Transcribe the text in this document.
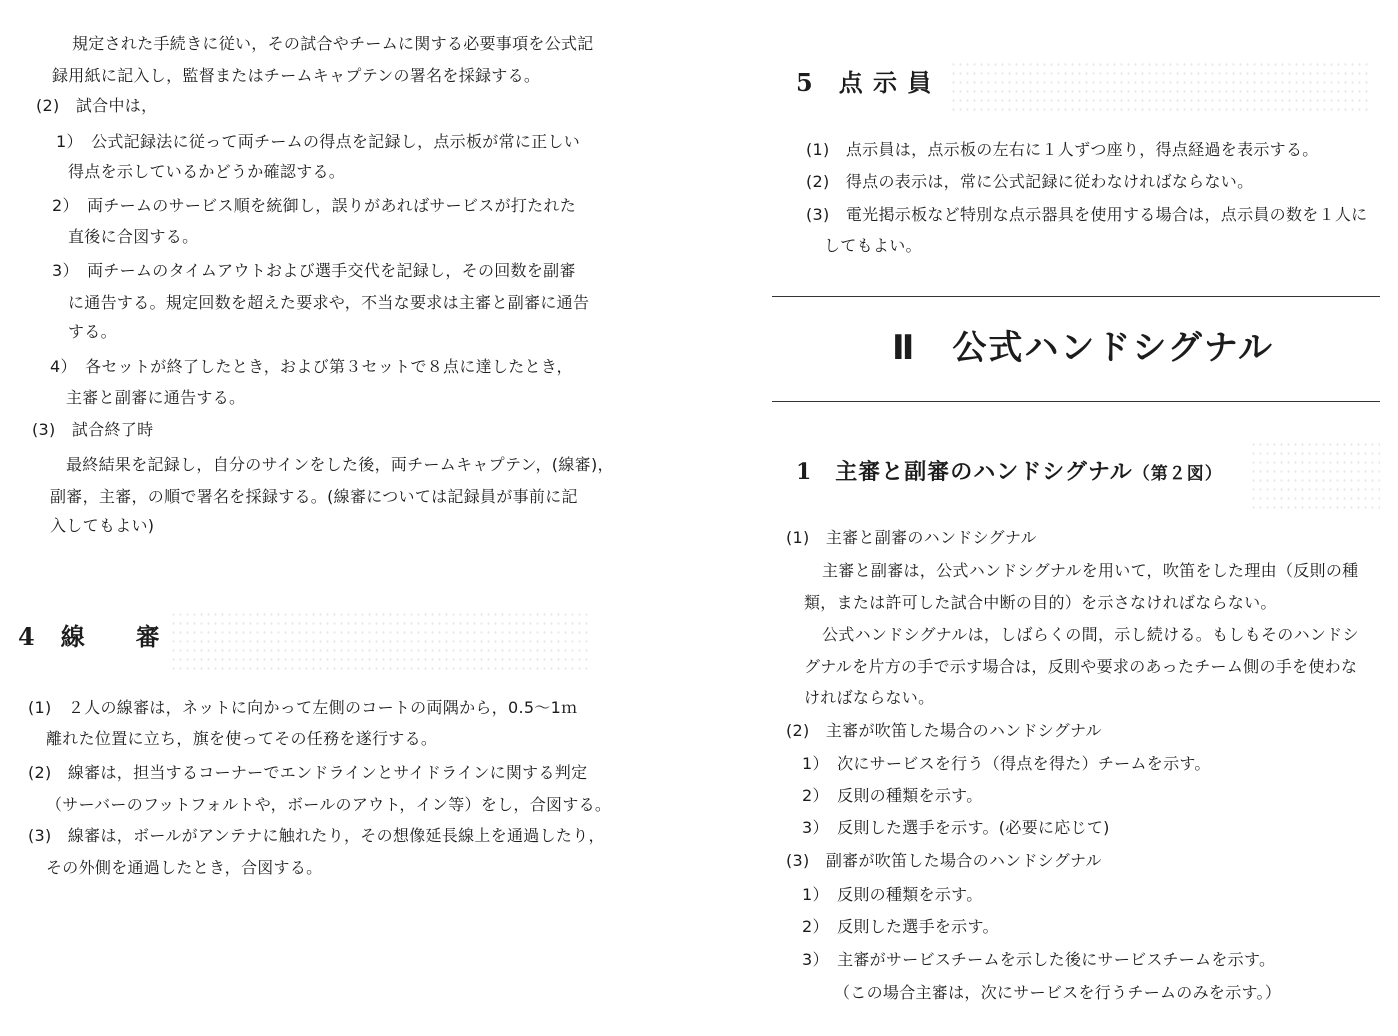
規定された手続きに従い，その試合やチームに関する必要事項を公式記
録用紙に記入し，監督またはチームキャプテンの署名を採録する。
(2)　試合中は，
1）　公式記録法に従って両チームの得点を記録し，点示板が常に正しい
得点を示しているかどうか確認する。
2）　両チームのサービス順を統御し，誤りがあればサービスが打たれた
直後に合図する。
3）　両チームのタイムアウトおよび選手交代を記録し，その回数を副審
に通告する。規定回数を超えた要求や，不当な要求は主審と副審に通告
する。
4）　各セットが終了したとき，および第３セットで８点に達したとき，
主審と副審に通告する。
(3)　試合終了時
最終結果を記録し，自分のサインをした後，両チームキャプテン，(線審)，
副審，主審，の順で署名を採録する。(線審については記録員が事前に記
入してもよい)
4　線　　審
(1)　２人の線審は，ネットに向かって左側のコートの両隅から，0.5～1ｍ
離れた位置に立ち，旗を使ってその任務を遂行する。
(2)　線審は，担当するコーナーでエンドラインとサイドラインに関する判定
（サーバーのフットフォルトや，ボールのアウト，イン等）をし，合図する。
(3)　線審は，ボールがアンテナに触れたり，その想像延長線上を通過したり，
その外側を通過したとき，合図する。
5　点 示 員
(1)　点示員は，点示板の左右に１人ずつ座り，得点経過を表示する。
(2)　得点の表示は，常に公式記録に従わなければならない。
(3)　電光掲示板など特別な点示器具を使用する場合は，点示員の数を１人に
してもよい。
Ⅱ　公式ハンドシグナル
1　主審と副審のハンドシグナル（第２図）
(1)　主審と副審のハンドシグナル
主審と副審は，公式ハンドシグナルを用いて，吹笛をした理由（反則の種
類，または許可した試合中断の目的）を示さなければならない。
公式ハンドシグナルは，しばらくの間，示し続ける。もしもそのハンドシ
グナルを片方の手で示す場合は，反則や要求のあったチーム側の手を使わな
ければならない。
(2)　主審が吹笛した場合のハンドシグナル
1）　次にサービスを行う（得点を得た）チームを示す。
2）　反則の種類を示す。
3）　反則した選手を示す。(必要に応じて)
(3)　副審が吹笛した場合のハンドシグナル
1）　反則の種類を示す。
2）　反則した選手を示す。
3）　主審がサービスチームを示した後にサービスチームを示す。
（この場合主審は，次にサービスを行うチームのみを示す。）
